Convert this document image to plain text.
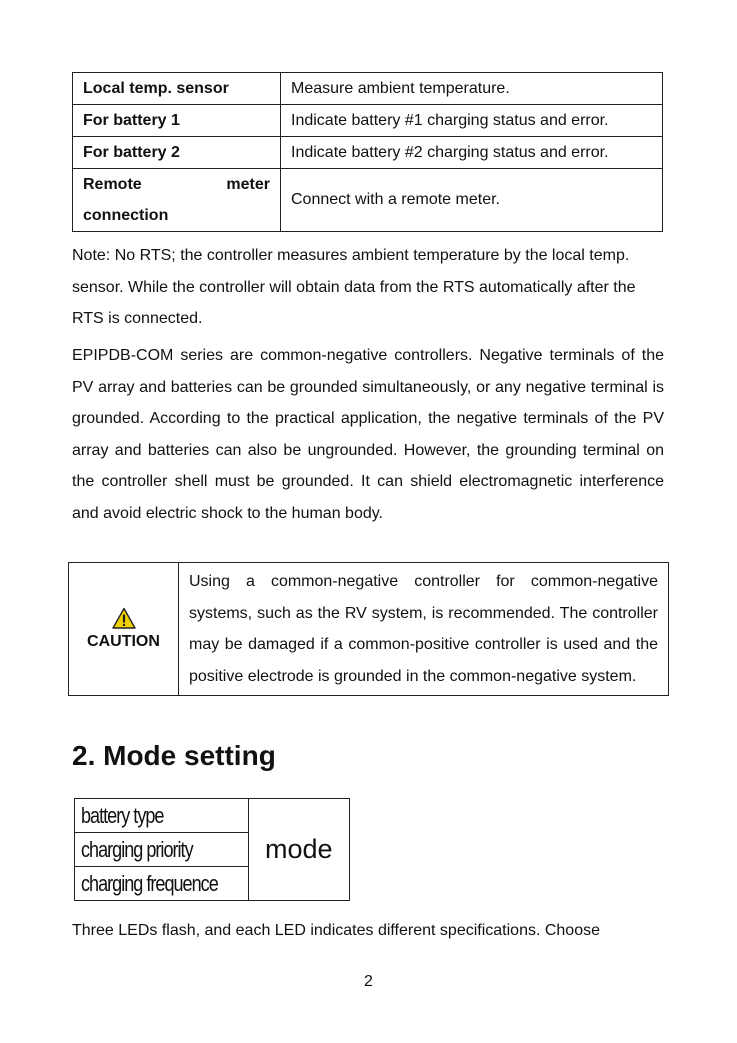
Local temp. sensor	Measure ambient temperature.
For battery 1	Indicate battery #1 charging status and error.
For battery 2	Indicate battery #2 charging status and error.

Remote meter
connection	Connect with a remote meter.

Note: No RTS; the controller measures ambient temperature by the local temp. sensor. While the controller will obtain data from the RTS automatically after the RTS is connected.

EPIPDB-COM series are common-negative controllers. Negative terminals of the PV array and batteries can be grounded simultaneously, or any negative terminal is grounded. According to the practical application, the negative terminals of the PV array and batteries can also be ungrounded. However, the grounding terminal on the controller shell must be grounded. It can shield electromagnetic interference and avoid electric shock to the human body.

CAUTION	Using a common-negative controller for common-negative systems, such as the RV system, is recommended. The controller may be damaged if a common-positive controller is used and the positive electrode is grounded in the common-negative system.
2. Mode setting
battery type	mode
charging priority
charging frequence

Three LEDs flash, and each LED indicates different specifications. Choose

2
